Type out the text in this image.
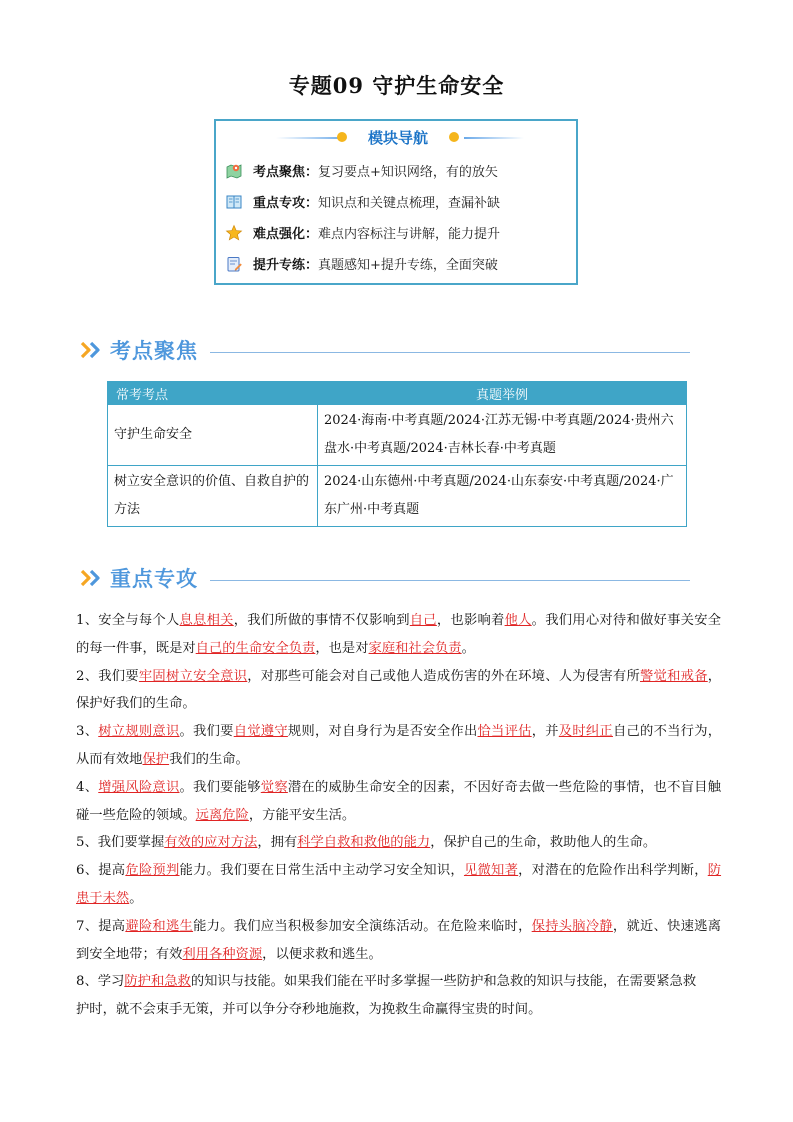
专题09 守护生命安全
模块导航
考点聚焦 ： 复习要点+知识网络，有的放矢
重点专攻 ： 知识点和关键点梳理，查漏补缺
难点强化 ： 难点内容标注与讲解，能力提升
提升专练 ： 真题感知+提升专练，全面突破
考点聚焦
常考考点	真题举例
守护生命安全	2024·海南·中考真题/2024·江苏无锡·中考真题/2024·贵州六盘水·中考真题/2024·吉林长春·中考真题
树立安全意识的价值、自救自护的方法	2024·山东德州·中考真题/2024·山东泰安·中考真题/2024·广东广州·中考真题
重点专攻

1、安全与每个人息息相关，我们所做的事情不仅影响到自己，也影响着他人。我们用心对待和做好事关安全的每一件事，既是对自己的生命安全负责，也是对家庭和社会负责。

2、我们要牢固树立安全意识，对那些可能会对自己或他人造成伤害的外在环境、人为侵害有所警觉和戒备，保护好我们的生命。

3、树立规则意识。我们要自觉遵守规则，对自身行为是否安全作出恰当评估，并及时纠正自己的不当行为，从而有效地保护我们的生命。

4、增强风险意识。我们要能够觉察潜在的威胁生命安全的因素，不因好奇去做一些危险的事情，也不盲目触碰一些危险的领域。远离危险，方能平安生活。

5、我们要掌握有效的应对方法，拥有科学自救和救他的能力，保护自己的生命，救助他人的生命。

6、提高危险预判能力。我们要在日常生活中主动学习安全知识，见微知著，对潜在的危险作出科学判断，防患于未然。

7、提高避险和逃生能力。我们应当积极参加安全演练活动。在危险来临时，保持头脑冷静，就近、快速逃离到安全地带；有效利用各种资源，以便求救和逃生。

8、学习防护和急救的知识与技能。如果我们能在平时多掌握一些防护和急救的知识与技能，在需要紧急救

护时，就不会束手无策，并可以争分夺秒地施救，为挽救生命赢得宝贵的时间。
